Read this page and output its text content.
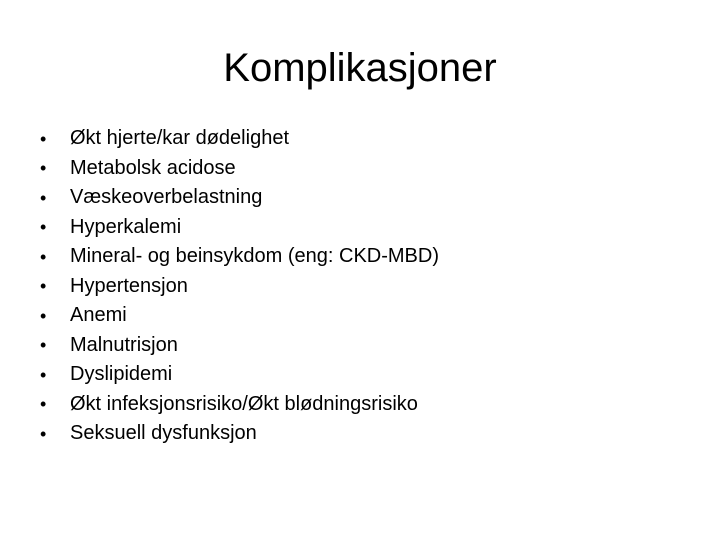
Komplikasjoner
•	Økt hjerte/kar dødelighet
•	Metabolsk acidose
•	Væskeoverbelastning
•	Hyperkalemi
•	Mineral- og beinsykdom (eng: CKD-MBD)
•	Hypertensjon
•	Anemi
•	Malnutrisjon
•	Dyslipidemi
•	Økt infeksjonsrisiko/Økt blødningsrisiko
•	Seksuell dysfunksjon
